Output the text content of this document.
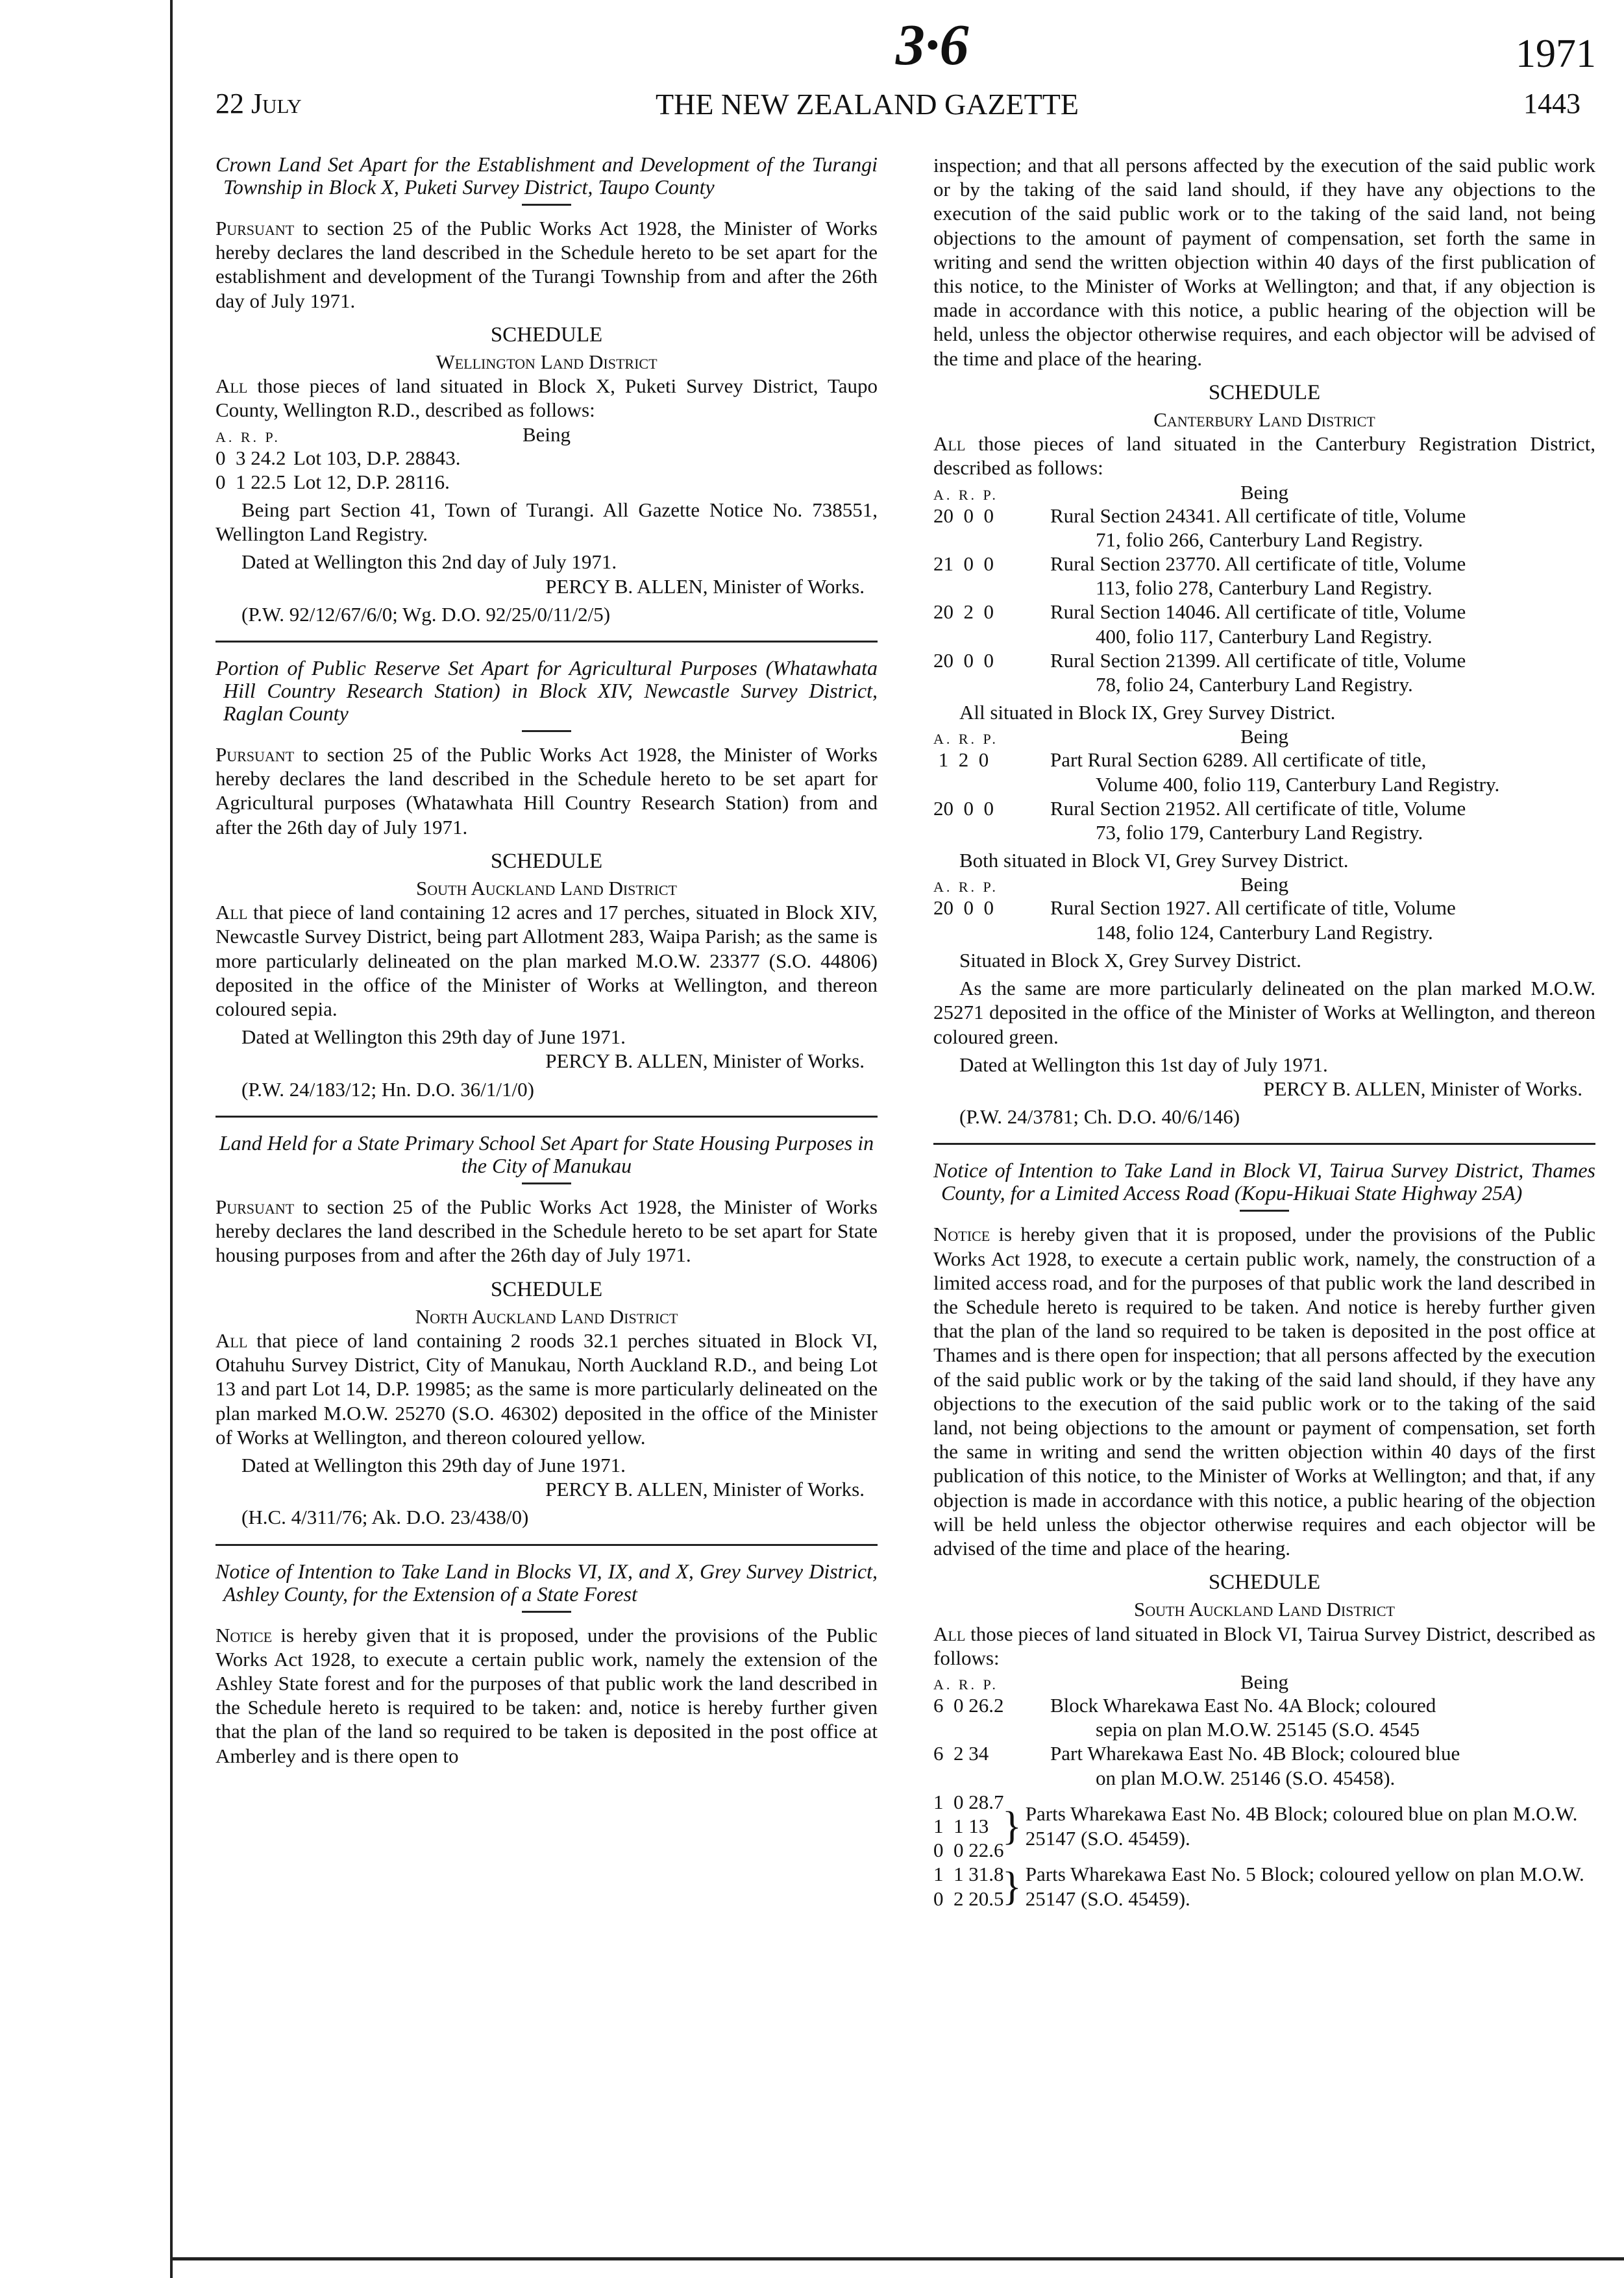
3·6	1971
22 July	THE NEW ZEALAND GAZETTE	1443

Crown Land Set Apart for the Establishment and Development of the Turangi Township in Block X, Puketi Survey District, Taupo County

Pursuant to section 25 of the Public Works Act 1928, the Minister of Works hereby declares the land described in the Schedule hereto to be set apart for the establishment and development of the Turangi Township from and after the 26th day of July 1971.

SCHEDULE

Wellington Land District

All those pieces of land situated in Block X, Puketi Survey District, Taupo County, Wellington R.D., described as follows:

A. R. P.	Being
0  3 24.2 Lot 103, D.P. 28843.
0  1 22.5 Lot 12, D.P. 28116.

Being part Section 41, Town of Turangi. All Gazette Notice No. 738551, Wellington Land Registry.

Dated at Wellington this 2nd day of July 1971.

PERCY B. ALLEN, Minister of Works.

(P.W. 92/12/67/6/0; Wg. D.O. 92/25/0/11/2/5)

Portion of Public Reserve Set Apart for Agricultural Purposes (Whatawhata Hill Country Research Station) in Block XIV, Newcastle Survey District, Raglan County

Pursuant to section 25 of the Public Works Act 1928, the Minister of Works hereby declares the land described in the Schedule hereto to be set apart for Agricultural purposes (Whatawhata Hill Country Research Station) from and after the 26th day of July 1971.

SCHEDULE

South Auckland Land District

All that piece of land containing 12 acres and 17 perches, situated in Block XIV, Newcastle Survey District, being part Allotment 283, Waipa Parish; as the same is more particularly delineated on the plan marked M.O.W. 23377 (S.O. 44806) deposited in the office of the Minister of Works at Wellington, and thereon coloured sepia.

Dated at Wellington this 29th day of June 1971.

PERCY B. ALLEN, Minister of Works.

(P.W. 24/183/12; Hn. D.O. 36/1/1/0)

Land Held for a State Primary School Set Apart for State Housing Purposes in the City of Manukau

Pursuant to section 25 of the Public Works Act 1928, the Minister of Works hereby declares the land described in the Schedule hereto to be set apart for State housing purposes from and after the 26th day of July 1971.

SCHEDULE

North Auckland Land District

All that piece of land containing 2 roods 32.1 perches situated in Block VI, Otahuhu Survey District, City of Manukau, North Auckland R.D., and being Lot 13 and part Lot 14, D.P. 19985; as the same is more particularly delineated on the plan marked M.O.W. 25270 (S.O. 46302) deposited in the office of the Minister of Works at Wellington, and thereon coloured yellow.

Dated at Wellington this 29th day of June 1971.

PERCY B. ALLEN, Minister of Works.

(H.C. 4/311/76; Ak. D.O. 23/438/0)

Notice of Intention to Take Land in Blocks VI, IX, and X, Grey Survey District, Ashley County, for the Extension of a State Forest

Notice is hereby given that it is proposed, under the provisions of the Public Works Act 1928, to execute a certain public work, namely the extension of the Ashley State forest and for the purposes of that public work the land described in the Schedule hereto is required to be taken: and, notice is hereby further given that the plan of the land so required to be taken is deposited in the post office at Amberley and is there open to

inspection; and that all persons affected by the execution of the said public work or by the taking of the said land should, if they have any objections to the execution of the said public work or to the taking of the said land, not being objections to the amount of payment of compensation, set forth the same in writing and send the written objection within 40 days of the first publication of this notice, to the Minister of Works at Wellington; and that, if any objection is made in accordance with this notice, a public hearing of the objection will be held, unless the objector otherwise requires, and each objector will be advised of the time and place of the hearing.

SCHEDULE

Canterbury Land District

All those pieces of land situated in the Canterbury Registration District, described as follows:

A. R. P.	Being
20  0  0	Rural Section 24341. All certificate of title, Volume
71, folio 266, Canterbury Land Registry.
21  0  0	Rural Section 23770. All certificate of title, Volume
113, folio 278, Canterbury Land Registry.
20  2  0	Rural Section 14046. All certificate of title, Volume
400, folio 117, Canterbury Land Registry.
20  0  0	Rural Section 21399. All certificate of title, Volume
78, folio 24, Canterbury Land Registry.

All situated in Block IX, Grey Survey District.

A. R. P.	Being
1  2  0	Part Rural Section 6289. All certificate of title,
Volume 400, folio 119, Canterbury Land Registry.
20  0  0	Rural Section 21952. All certificate of title, Volume
73, folio 179, Canterbury Land Registry.

Both situated in Block VI, Grey Survey District.

A. R. P.	Being
20  0  0	Rural Section 1927. All certificate of title, Volume
148, folio 124, Canterbury Land Registry.

Situated in Block X, Grey Survey District.

As the same are more particularly delineated on the plan marked M.O.W. 25271 deposited in the office of the Minister of Works at Wellington, and thereon coloured green.

Dated at Wellington this 1st day of July 1971.

PERCY B. ALLEN, Minister of Works.

(P.W. 24/3781; Ch. D.O. 40/6/146)

Notice of Intention to Take Land in Block VI, Tairua Survey District, Thames County, for a Limited Access Road (Kopu-Hikuai State Highway 25A)

Notice is hereby given that it is proposed, under the provisions of the Public Works Act 1928, to execute a certain public work, namely, the construction of a limited access road, and for the purposes of that public work the land described in the Schedule hereto is required to be taken. And notice is hereby further given that the plan of the land so required to be taken is deposited in the post office at Thames and is there open for inspection; that all persons affected by the execution of the said public work or by the taking of the said land should, if they have any objections to the execution of the said public work or to the taking of the said land, not being objections to the amount or payment of compensation, set forth the same in writing and send the written objection within 40 days of the first publication of this notice, to the Minister of Works at Wellington; and that, if any objection is made in accordance with this notice, a public hearing of the objection will be held unless the objector otherwise requires and each objector will be advised of the time and place of the hearing.

SCHEDULE

South Auckland Land District

All those pieces of land situated in Block VI, Tairua Survey District, described as follows:

A. R. P.	Being
6  0 26.2	Block Wharekawa East No. 4A Block; coloured
sepia on plan M.O.W. 25145 (S.O. 4545
6  2 34	Part Wharekawa East No. 4B Block; coloured blue
on plan M.O.W. 25146 (S.O. 45458).
1  0 28.7
1  1 13
0  0 22.6
} Parts Wharekawa East No. 4B Block; coloured blue on plan M.O.W. 25147 (S.O. 45459).
1  1 31.8
0  2 20.5
} Parts Wharekawa East No. 5 Block; coloured yellow on plan M.O.W. 25147 (S.O. 45459).
